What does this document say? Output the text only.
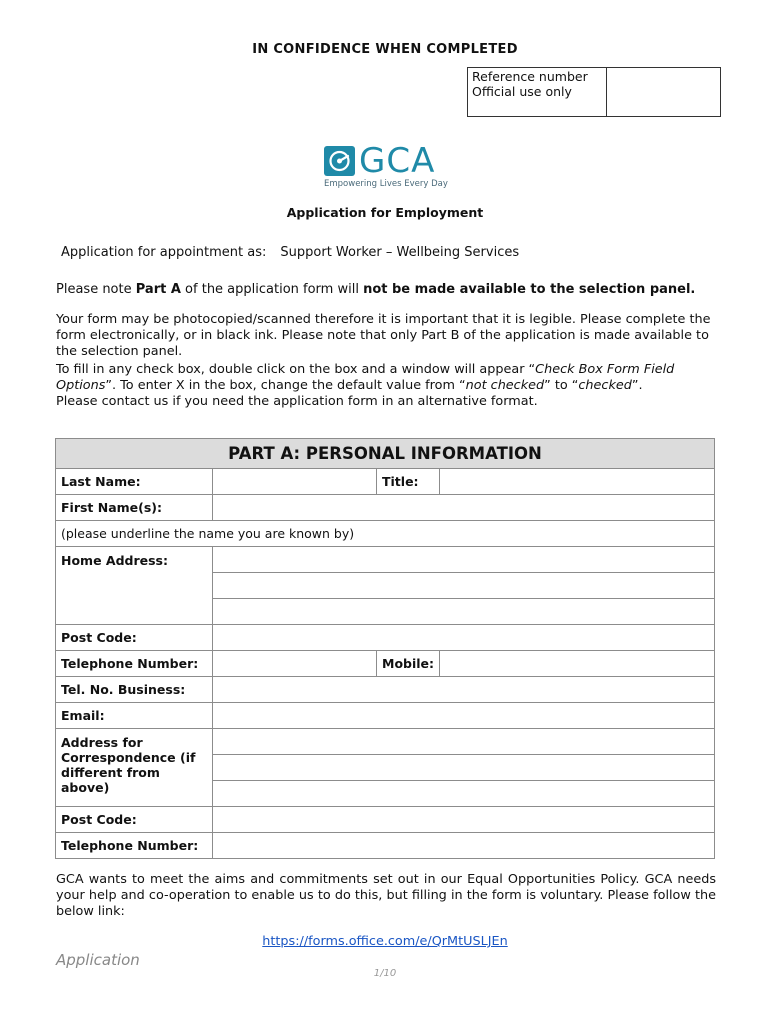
IN CONFIDENCE WHEN COMPLETED
Reference number Official use only	
GCA
Empowering Lives Every Day
Application for Employment
Application for appointment as: Support Worker – Wellbeing Services
Please note Part A of the application form will not be made available to the selection panel.
Your form may be photocopied/scanned therefore it is important that it is legible. Please complete the form electronically, or in black ink. Please note that only Part B of the application is made available to the selection panel.
To fill in any check box, double click on the box and a window will appear “Check Box Form Field Options”. To enter X in the box, change the default value from “not checked” to “checked”.
Please contact us if you need the application form in an alternative format.
PART A: PERSONAL INFORMATION			
Last Name:		Title:	
First Name(s):			
(please underline the name you are known by)			
Home Address:			

Post Code:			
Telephone Number:		Mobile:	
Tel. No. Business:			
Email:			
Address for Correspondence (if different from above)			

Post Code:			
Telephone Number:			
GCA wants to meet the aims and commitments set out in our Equal Opportunities Policy. GCA needs your help and co-operation to enable us to do this, but filling in the form is voluntary. Please follow the below link:
https://forms.office.com/e/QrMtUSLJEn
Application
1/10
